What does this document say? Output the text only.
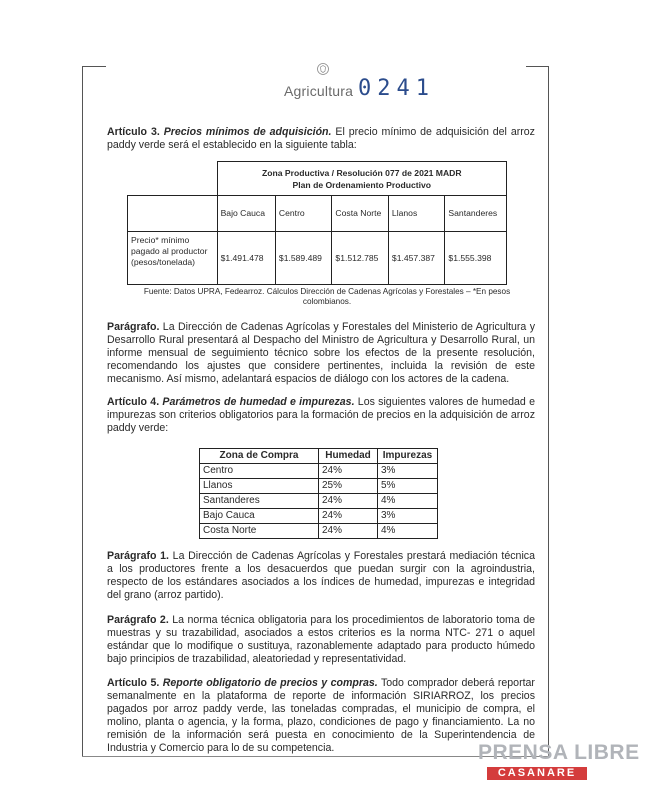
Agricultura 0241

Artículo 3. Precios mínimos de adquisición. El precio mínimo de adquisición del arroz paddy verde será el establecido en la siguiente tabla:

	Zona Productiva / Resolución 077 de 2021 MADR
Plan de Ordenamiento Productivo				

	Bajo Cauca	Centro	Costa Norte	Llanos	Santanderes
Precio* mínimo pagado al productor (pesos/tonelada)	$1.491.478	$1.589.489	$1.512.785	$1.457.387	$1.555.398
Fuente: Datos UPRA, Fedearroz. Cálculos Dirección de Cadenas Agrícolas y Forestales – *En pesos colombianos.

Parágrafo. La Dirección de Cadenas Agrícolas y Forestales del Ministerio de Agricultura y Desarrollo Rural presentará al Despacho del Ministro de Agricultura y Desarrollo Rural, un informe mensual de seguimiento técnico sobre los efectos de la presente resolución, recomendando los ajustes que considere pertinentes, incluida la revisión de este mecanismo. Así mismo, adelantará espacios de diálogo con los actores de la cadena.

Artículo 4. Parámetros de humedad e impurezas. Los siguientes valores de humedad e impurezas son criterios obligatorios para la formación de precios en la adquisición de arroz paddy verde:

Zona de Compra	Humedad	Impurezas
Centro	24%	3%
Llanos	25%	5%
Santanderes	24%	4%
Bajo Cauca	24%	3%
Costa Norte	24%	4%

Parágrafo 1. La Dirección de Cadenas Agrícolas y Forestales prestará mediación técnica a los productores frente a los desacuerdos que puedan surgir con la agroindustria, respecto de los estándares asociados a los índices de humedad, impurezas e integridad del grano (arroz partido).

Parágrafo 2. La norma técnica obligatoria para los procedimientos de laboratorio toma de muestras y su trazabilidad, asociados a estos criterios es la norma NTC- 271 o aquel estándar que lo modifique o sustituya, razonablemente adaptado para producto húmedo bajo principios de trazabilidad, aleatoriedad y representatividad.

Artículo 5. Reporte obligatorio de precios y compras. Todo comprador deberá reportar semanalmente en la plataforma de reporte de información SIRIARROZ, los precios pagados por arroz paddy verde, las toneladas compradas, el municipio de compra, el molino, planta o agencia, y la forma, plazo, condiciones de pago y financiamiento. La no remisión de la información será puesta en conocimiento de la Superintendencia de Industria y Comercio para lo de su competencia.	PRENSA LIBRE
CASANARE
